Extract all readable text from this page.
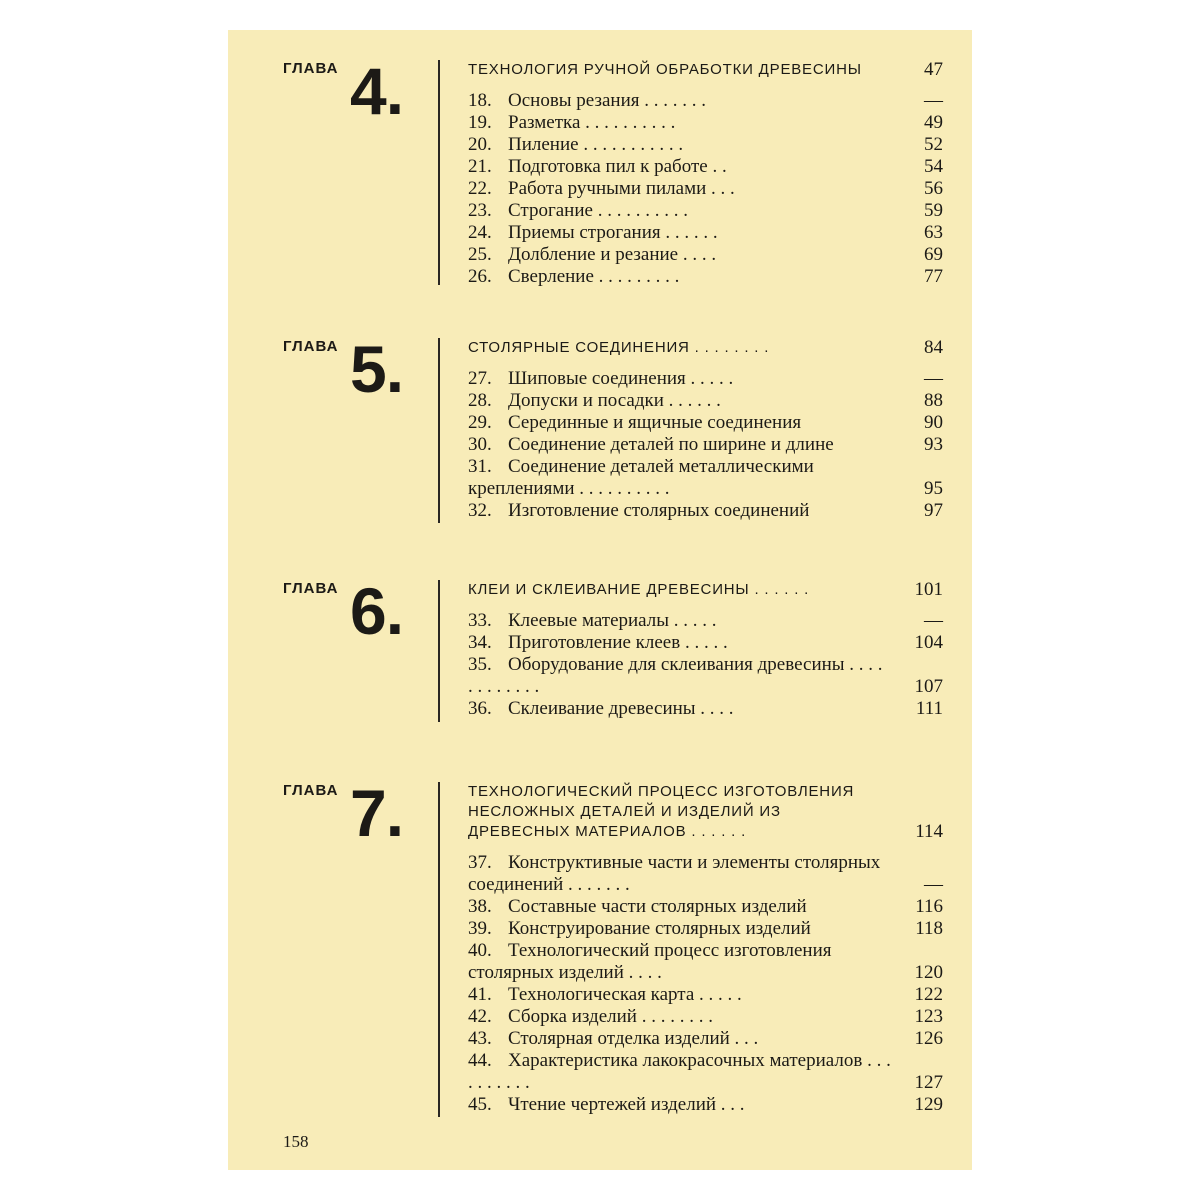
ГЛАВА 4.	ТЕХНОЛОГИЯ РУЧНОЙ ОБРАБОТКИ ДРЕВЕСИНЫ	47
18. Основы резания . . . . . . .	—
19. Разметка . . . . . . . . . .	49
20. Пиление . . . . . . . . . . .	52
21. Подготовка пил к работе . .	54
22. Работа ручными пилами . . .	56
23. Строгание . . . . . . . . . .	59
24. Приемы строгания . . . . . .	63
25. Долбление и резание . . . .	69
26. Сверление . . . . . . . . .	77
ГЛАВА 5.	СТОЛЯРНЫЕ СОЕДИНЕНИЯ . . . . . . . .	84
27. Шиповые соединения . . . . .	—
28. Допуски и посадки . . . . . .	88
29. Серединные и ящичные соединения	90
30. Соединение деталей по ширине и длине	93
31. Соединение деталей металлическими креплениями . . . . . . . . . .	95
32. Изготовление столярных соединений	97
ГЛАВА 6.	КЛЕИ И СКЛЕИВАНИЕ ДРЕВЕСИНЫ . . . . . .	101
33. Клеевые материалы . . . . .	—
34. Приготовление клеев . . . . .	104
35. Оборудование для склеивания древесины . . . . . . . . . . . .	107
36. Склеивание древесины . . . .	111
ГЛАВА 7.	ТЕХНОЛОГИЧЕСКИЙ ПРОЦЕСС ИЗГОТОВЛЕНИЯ НЕСЛОЖНЫХ ДЕТАЛЕЙ И ИЗДЕЛИЙ ИЗ ДРЕВЕСНЫХ МАТЕРИАЛОВ . . . . . .	114
37. Конструктивные части и элементы столярных соединений . . . . . . .	—
38. Составные части столярных изделий	116
39. Конструирование столярных изделий	118
40. Технологический процесс изготовления столярных изделий . . . .	120
41. Технологическая карта . . . . .	122
42. Сборка изделий . . . . . . . .	123
43. Столярная отделка изделий . . .	126
44. Характеристика лакокрасочных материалов . . . . . . . . . .	127
45. Чтение чертежей изделий . . .	129
158
